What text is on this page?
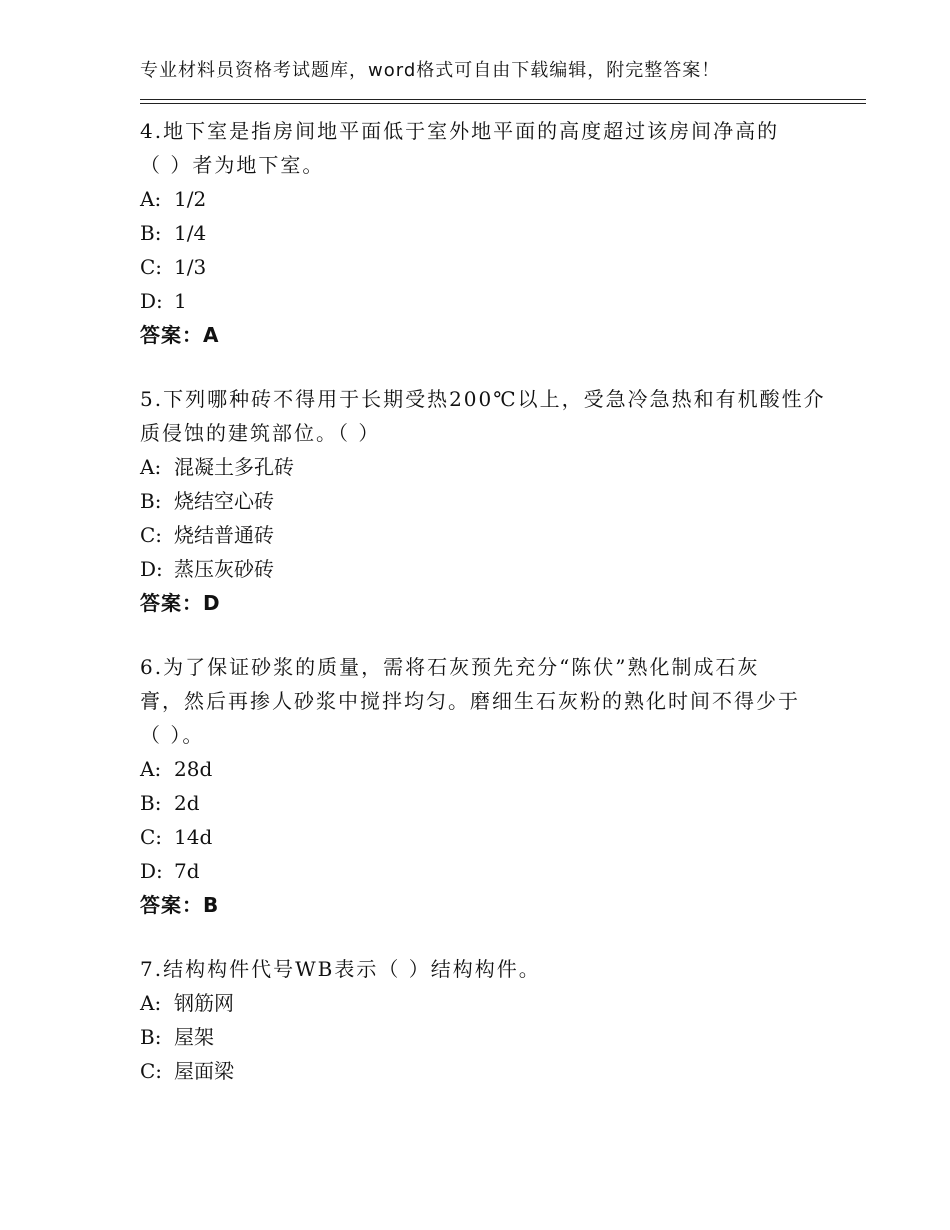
专业材料员资格考试题库，word格式可自由下载编辑，附完整答案！
4.地下室是指房间地平面低于室外地平面的高度超过该房间净高的
（ ）者为地下室。
A: 1/2
B: 1/4
C: 1/3
D: 1
答案：A
5.下列哪种砖不得用于长期受热200℃以上，受急冷急热和有机酸性介
质侵蚀的建筑部位。（ ）
A: 混凝土多孔砖
B: 烧结空心砖
C: 烧结普通砖
D: 蒸压灰砂砖
答案：D
6.为了保证砂浆的质量，需将石灰预先充分“陈伏”熟化制成石灰
膏，然后再掺人砂浆中搅拌均匀。磨细生石灰粉的熟化时间不得少于
（ ）。
A: 28d
B: 2d
C: 14d
D: 7d
答案：B
7.结构构件代号WB表示（ ）结构构件。
A: 钢筋网
B: 屋架
C: 屋面梁
